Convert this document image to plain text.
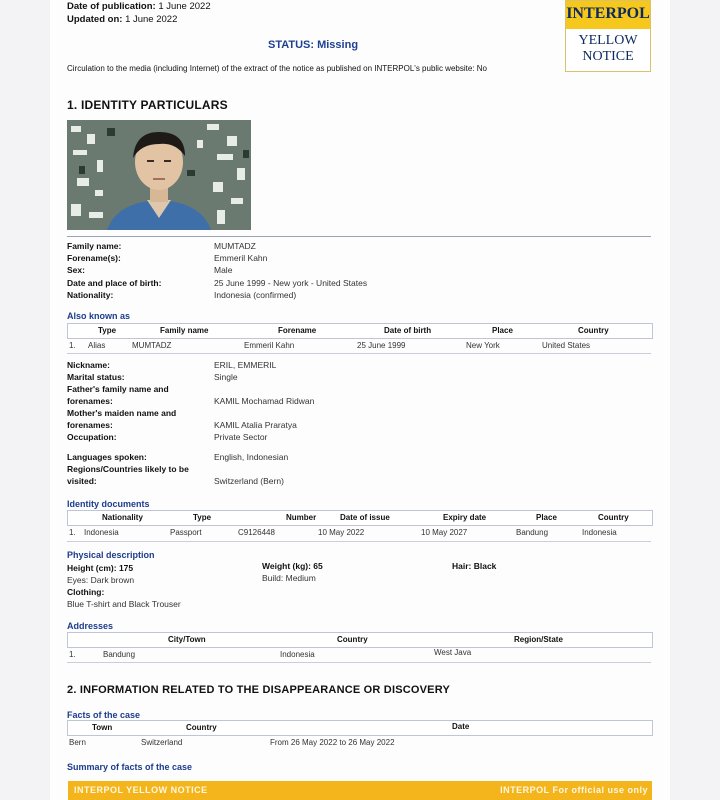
Date of publication: 1 June 2022
Updated on: 1 June 2022
STATUS: Missing
Circulation to the media (including Internet) of the extract of the notice as published on INTERPOL's public website: No
INTERPOL
YELLOW
NOTICE
1. IDENTITY PARTICULARS
Family name:	MUMTADZ
Forename(s):	Emmeril Kahn
Sex:	Male
Date and place of birth:	25 June 1999 - New york - United States
Nationality:	Indonesia (confirmed)
Also known as
Type	Family name	Forename	Date of birth	Place	Country
1. Alias	MUMTADZ	Emmeril Kahn	25 June 1999	New York	United States
Nickname:	ERIL, EMMERIL
Marital status:	Single
Father's family name and
forenames:	KAMIL Mochamad Ridwan
Mother's maiden name and
forenames:	KAMIL Atalia Praratya
Occupation:	Private Sector
Languages spoken:	English, Indonesian
Regions/Countries likely to be
visited:	Switzerland (Bern)
Identity documents
Nationality	Type	Number	Date of issue	Expiry date	Place	Country
1. Indonesia	Passport	C9126448	10 May 2022	10 May 2027	Bandung	Indonesia
Physical description
Height (cm): 175	Weight (kg): 65	Hair: Black
Eyes: Dark brown	Build: Medium
Clothing:
Blue T-shirt and Black Trouser
Addresses
City/Town	Country	Region/State
1.	Bandung	Indonesia	West Java
2. INFORMATION RELATED TO THE DISAPPEARANCE OR DISCOVERY
Facts of the case
Town	Country	Date
Bern	Switzerland	From 26 May 2022 to 26 May 2022
Summary of facts of the case
INTERPOL YELLOW NOTICE	INTERPOL For official use only
